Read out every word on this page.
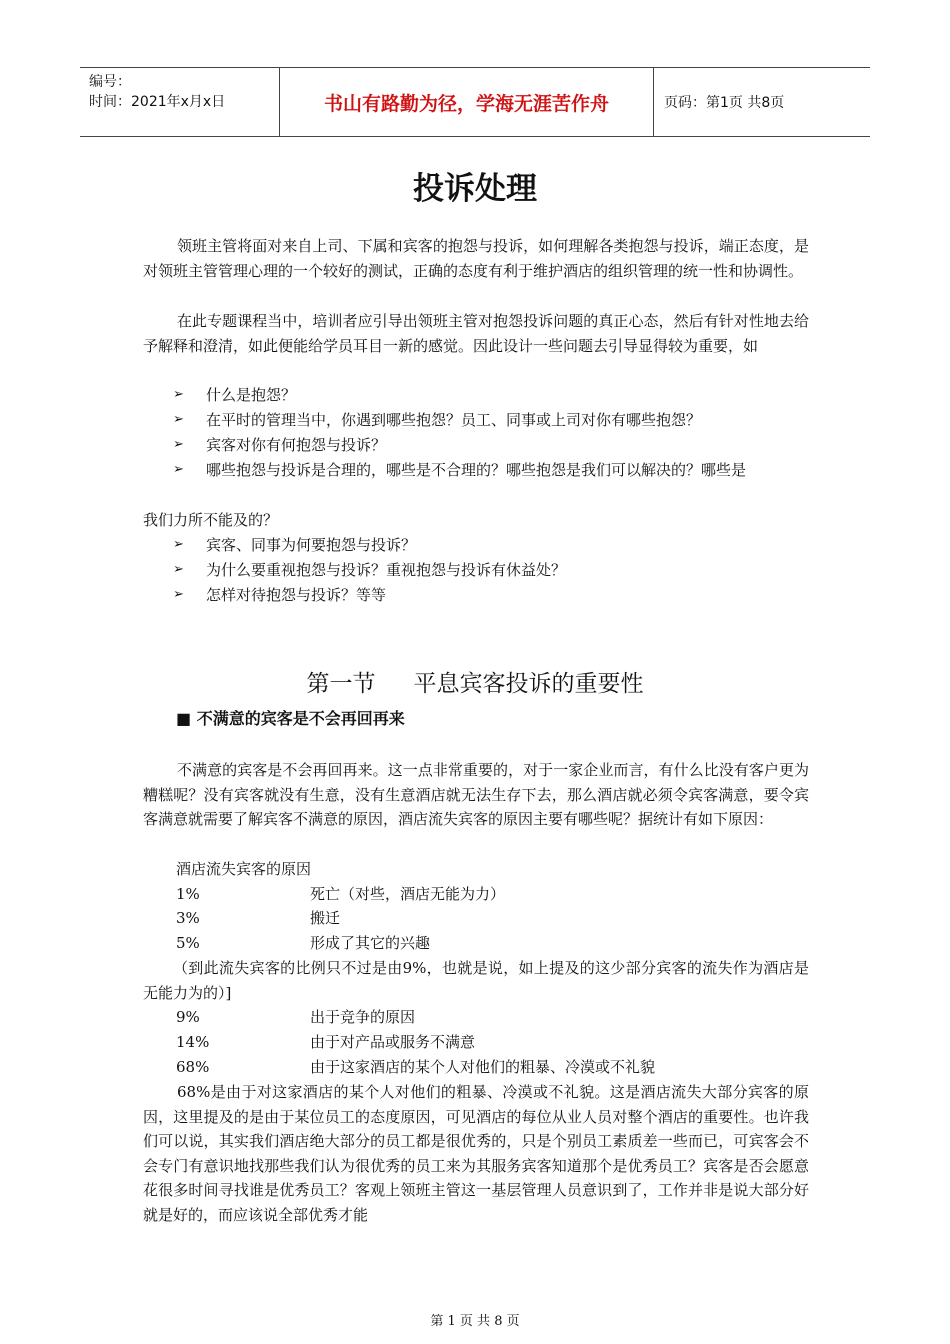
编号：
时间：2021年x月x日	书山有路勤为径，学海无涯苦作舟	页码：第1页 共8页
投诉处理

领班主管将面对来自上司、下属和宾客的抱怨与投诉，如何理解各类抱怨与投诉，端正态度，是对领班主管管理心理的一个较好的测试，正确的态度有利于维护酒店的组织管理的统一性和协调性。

在此专题课程当中，培训者应引导出领班主管对抱怨投诉问题的真正心态，然后有针对性地去给予解释和澄清，如此便能给学员耳目一新的感觉。因此设计一些问题去引导显得较为重要，如

➢ 什么是抱怨？
➢ 在平时的管理当中，你遇到哪些抱怨？员工、同事或上司对你有哪些抱怨？
➢ 宾客对你有何抱怨与投诉？
➢ 哪些抱怨与投诉是合理的，哪些是不合理的？哪些抱怨是我们可以解决的？哪些是

我们力所不能及的？

➢ 宾客、同事为何要抱怨与投诉？
➢ 为什么要重视抱怨与投诉？重视抱怨与投诉有休益处？
➢ 怎样对待抱怨与投诉？等等
第一节 平息宾客投诉的重要性
■ 不满意的宾客是不会再回再来

不满意的宾客是不会再回再来。这一点非常重要的，对于一家企业而言，有什么比没有客户更为糟糕呢？没有宾客就没有生意，没有生意酒店就无法生存下去，那么酒店就必须令宾客满意，要令宾客满意就需要了解宾客不满意的原因，酒店流失宾客的原因主要有哪些呢？据统计有如下原因：

酒店流失宾客的原因
1%	死亡（对些，酒店无能为力）
3%	搬迁
5%	形成了其它的兴趣

（到此流失宾客的比例只不过是由9%，也就是说，如上提及的这少部分宾客的流失作为酒店是无能力为的）]

9%	出于竞争的原因
14%	由于对产品或服务不满意
68%	由于这家酒店的某个人对他们的粗暴、冷漠或不礼貌

68%是由于对这家酒店的某个人对他们的粗暴、冷漠或不礼貌。这是酒店流失大部分宾客的原因，这里提及的是由于某位员工的态度原因，可见酒店的每位从业人员对整个酒店的重要性。也许我们可以说，其实我们酒店绝大部分的员工都是很优秀的，只是个别员工素质差一些而已，可宾客会不会专门有意识地找那些我们认为很优秀的员工来为其服务宾客知道那个是优秀员工？宾客是否会愿意花很多时间寻找谁是优秀员工？客观上领班主管这一基层管理人员意识到了，工作并非是说大部分好就是好的，而应该说全部优秀才能

第 1 页 共 8 页
